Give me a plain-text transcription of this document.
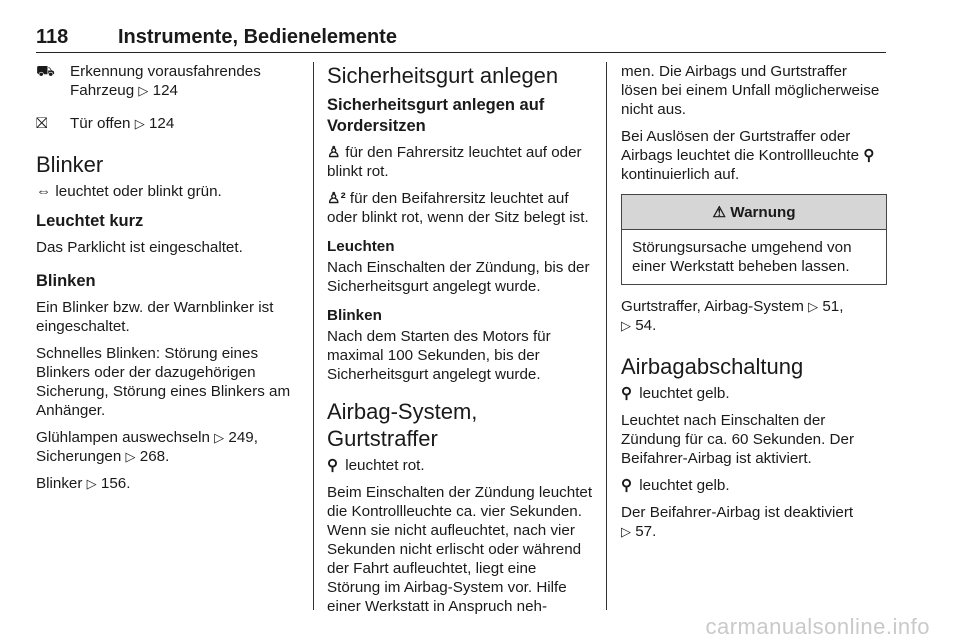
118 Instrumente, Bedienelemente
⛟ Erkennung vorausfahrendes
Fahrzeug ▷ 124
⛝	Tür offen ▷ 124
Blinker

⇔ leuchtet oder blinkt grün.

Leuchtet kurz

Das Parklicht ist eingeschaltet.

Blinken

Ein Blinker bzw. der Warnblinker ist eingeschaltet.

Schnelles Blinken: Störung eines Blinkers oder der dazugehörigen Sicherung, Störung eines Blinkers am Anhänger.

Glühlampen auswechseln ▷ 249, Sicherungen ▷ 268.

Blinker ▷ 156.

Sicherheitsgurt anlegen
Sicherheitsgurt anlegen auf Vordersitzen

♙ für den Fahrersitz leuchtet auf oder blinkt rot.

♙² für den Beifahrersitz leuchtet auf oder blinkt rot, wenn der Sitz belegt ist.

Leuchten

Nach Einschalten der Zündung, bis der Sicherheitsgurt angelegt wurde.

Blinken

Nach dem Starten des Motors für maximal 100 Sekunden, bis der Sicherheitsgurt angelegt wurde.

Airbag-System, Gurtstraffer

⚲ leuchtet rot.

Beim Einschalten der Zündung leuchtet die Kontrollleuchte ca. vier Sekunden. Wenn sie nicht aufleuchtet, nach vier Sekunden nicht erlischt oder während der Fahrt aufleuchtet, liegt eine Störung im Airbag-System vor. Hilfe einer Werkstatt in Anspruch neh-

men. Die Airbags und Gurtstraffer lösen bei einem Unfall möglicherweise nicht aus.

Bei Auslösen der Gurtstraffer oder Airbags leuchtet die Kontrollleuchte ⚲ kontinuierlich auf.

⚠ Warnung
Störungsursache umgehend von einer Werkstatt beheben lassen.

Gurtstraffer, Airbag-System ▷ 51,
▷ 54.

Airbagabschaltung

⚲ leuchtet gelb.

Leuchtet nach Einschalten der Zündung für ca. 60 Sekunden. Der Beifahrer-Airbag ist aktiviert.

⚲ leuchtet gelb.

Der Beifahrer-Airbag ist deaktiviert
▷ 57.

carmanualsonline.info
